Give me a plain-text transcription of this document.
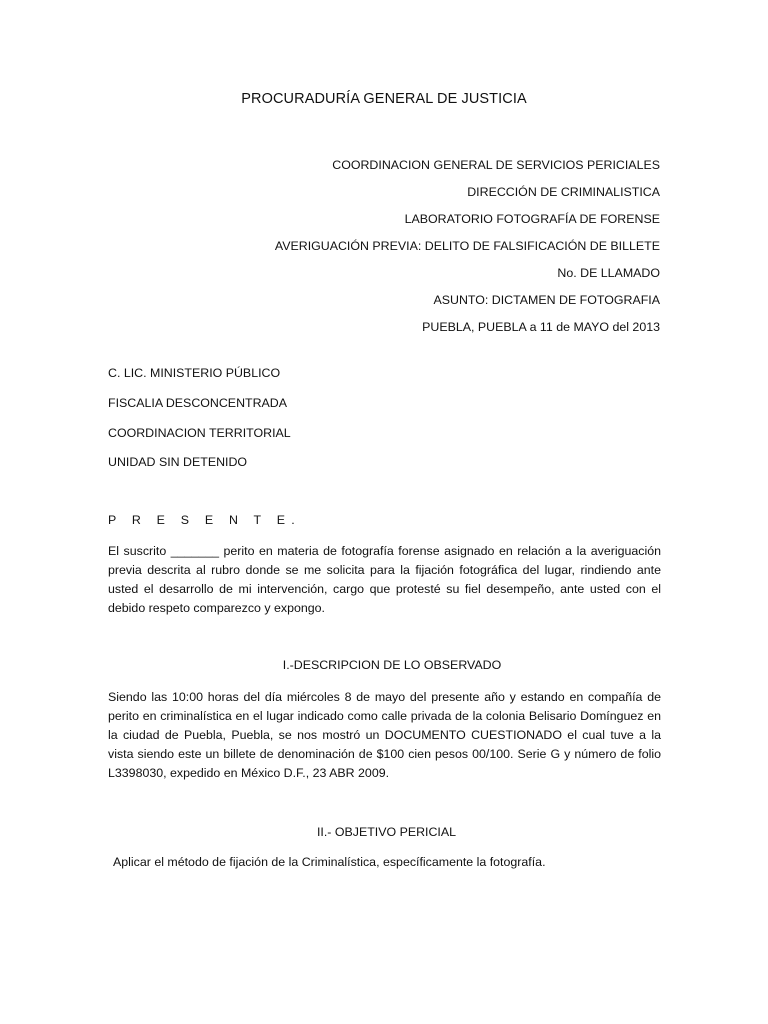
PROCURADURÍA GENERAL DE JUSTICIA
COORDINACION GENERAL DE SERVICIOS PERICIALES
DIRECCIÓN DE CRIMINALISTICA
LABORATORIO FOTOGRAFÍA DE FORENSE
AVERIGUACIÓN PREVIA: DELITO DE FALSIFICACIÓN DE BILLETE
No. DE LLAMADO
ASUNTO: DICTAMEN DE FOTOGRAFIA
PUEBLA, PUEBLA a 11 de MAYO del 2013
C. LIC. MINISTERIO PÚBLICO
FISCALIA DESCONCENTRADA
COORDINACION TERRITORIAL
UNIDAD SIN DETENIDO
P R E S E N T E.
El suscrito _______ perito en materia de fotografía forense asignado en relación a la averiguación previa descrita al rubro donde se me solicita para la fijación fotográfica del lugar, rindiendo ante usted el desarrollo de mi intervención, cargo que protesté su fiel desempeño, ante usted con el debido respeto comparezco y expongo.
I.-DESCRIPCION DE LO OBSERVADO
Siendo las 10:00 horas del día miércoles 8 de mayo del presente año y estando en compañía de perito en criminalística en el lugar indicado como calle privada de la colonia Belisario Domínguez en la ciudad de Puebla, Puebla, se nos mostró un DOCUMENTO CUESTIONADO el cual tuve a la vista siendo este un billete de denominación de $100 cien pesos 00/100. Serie G y número de folio L3398030, expedido en México D.F., 23 ABR 2009.
II.- OBJETIVO PERICIAL
Aplicar el método de fijación de la Criminalística, específicamente la fotografía.
